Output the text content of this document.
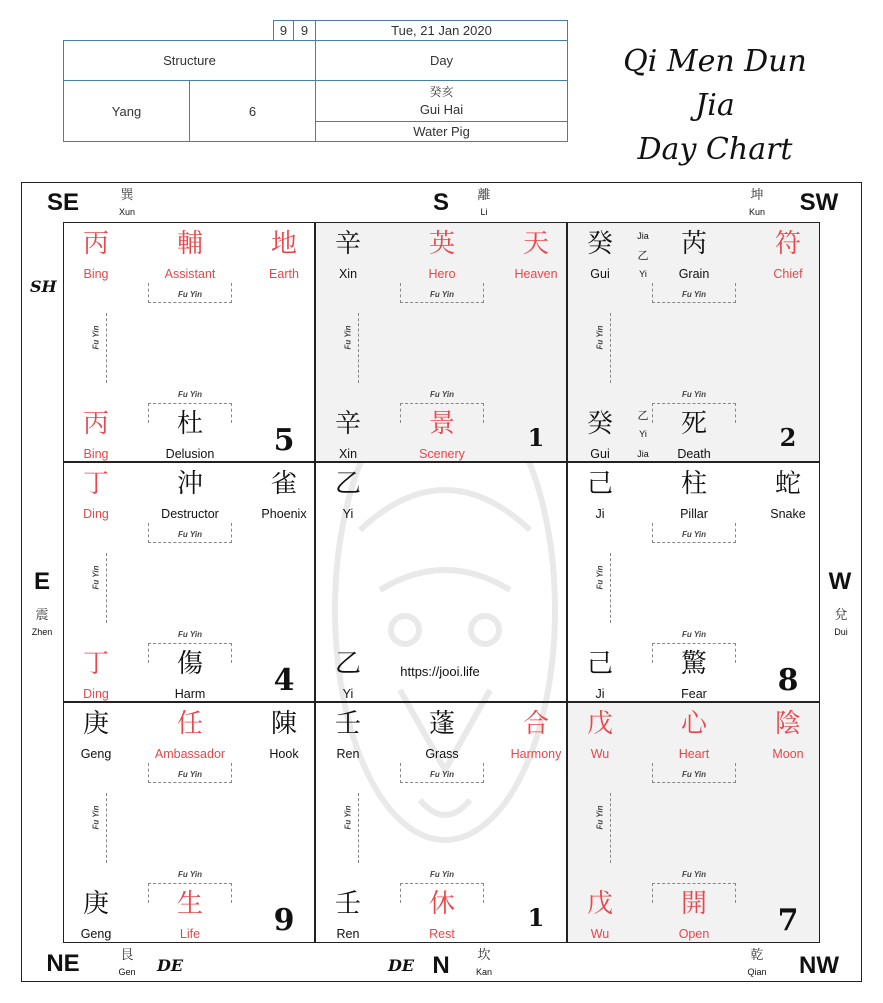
9	9	Tue, 21 Jan 2020
Structure	Day
Yang	6
癸亥
Gui Hai
Water Pig
Qi Men Dun Jia
Day Chart
SE	S	SW
E	W
NE	N	NW
SH
DE	DE
巽
Xun
離
Li
坤
Kun
震
Zhen
兌
Dui
艮
Gen
坎
Kan
乾
Qian
丙
Bing
輔
Assistant
地
Earth
Fu Yin
Fu Yin
Fu Yin
丙
Bing
杜
Delusion	5
辛
Xin
英
Hero
天
Heaven
Fu Yin
Fu Yin
Fu Yin
辛
Xin
景
Scenery
1
癸
Gui
Jia
乙
Yi
芮
Grain
符
Chief
Fu Yin
Fu Yin
Fu Yin
癸
Gui
乙
Yi
Jia
死
Death
2
丁
Ding
沖
Destructor
雀
Phoenix
Fu Yin
Fu Yin
Fu Yin
丁
Ding
傷
Harm	4
乙
Yi
乙
Yi
己
Ji
柱
Pillar
蛇
Snake
Fu Yin
Fu Yin
Fu Yin
己
Ji
驚
Fear	8
庚
Geng
任
Ambassador
陳
Hook
Fu Yin
Fu Yin
Fu Yin
庚
Geng
生
Life	9
壬
Ren
蓬
Grass
合
Harmony
Fu Yin
Fu Yin
Fu Yin
壬
Ren
休
Rest
1
戊
Wu
心
Heart
陰
Moon
Fu Yin
Fu Yin
Fu Yin
戊
Wu
開
Open	7
https://jooi.life
